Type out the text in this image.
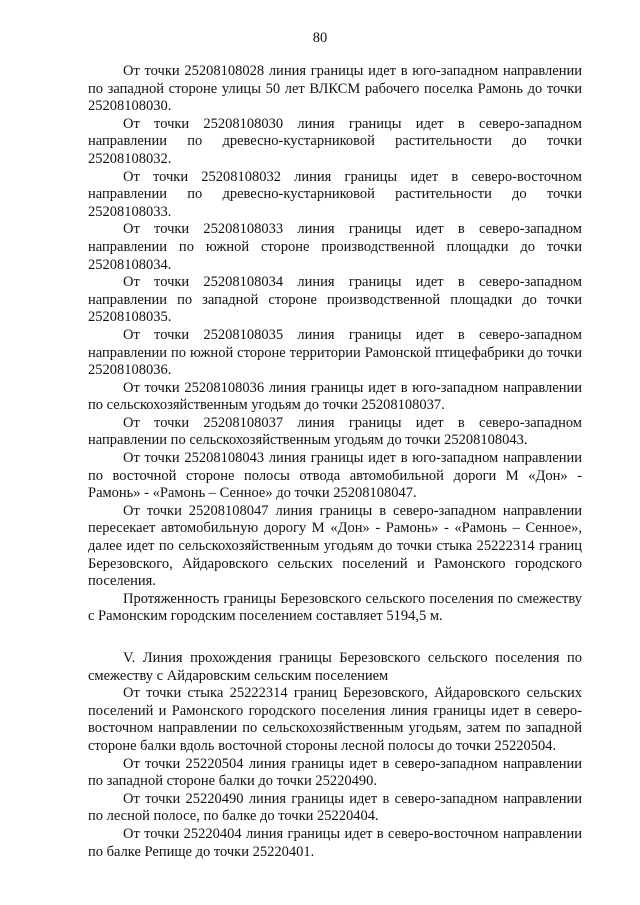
80

От точки 25208108028 линия границы идет в юго-западном направлении по западной стороне улицы 50 лет ВЛКСМ рабочего поселка Рамонь до точки 25208108030.

От точки 25208108030 линия границы идет в северо-западном направлении по древесно-кустарниковой растительности до точки 25208108032.

От точки 25208108032 линия границы идет в северо-восточном направлении по древесно-кустарниковой растительности до точки 25208108033.

От точки 25208108033 линия границы идет в северо-западном направлении по южной стороне производственной площадки до точки 25208108034.

От точки 25208108034 линия границы идет в северо-западном направлении по западной стороне производственной площадки до точки 25208108035.

От точки 25208108035 линия границы идет в северо-западном направлении по южной стороне территории Рамонской птицефабрики до точки 25208108036.

От точки 25208108036 линия границы идет в юго-западном направлении по сельскохозяйственным угодьям до точки 25208108037.

От точки 25208108037 линия границы идет в северо-западном направлении по сельскохозяйственным угодьям до точки 25208108043.

От точки 25208108043 линия границы идет в юго-западном направлении по восточной стороне полосы отвода автомобильной дороги М «Дон» - Рамонь» - «Рамонь – Сенное» до точки 25208108047.

От точки 25208108047 линия границы в северо-западном направлении пересекает автомобильную дорогу М «Дон» - Рамонь» - «Рамонь – Сенное», далее идет по сельскохозяйственным угодьям до точки стыка 25222314 границ Березовского, Айдаровского сельских поселений и Рамонского городского поселения.

Протяженность границы Березовского сельского поселения по смежеству с Рамонским городским поселением составляет 5194,5 м.

V. Линия прохождения границы Березовского сельского поселения по смежеству с Айдаровским сельским поселением

От точки стыка 25222314 границ Березовского, Айдаровского сельских поселений и Рамонского городского поселения линия границы идет в северо-восточном направлении по сельскохозяйственным угодьям, затем по западной стороне балки вдоль восточной стороны лесной полосы до точки 25220504.

От точки 25220504 линия границы идет в северо-западном направлении по западной стороне балки до точки 25220490.

От точки 25220490 линия границы идет в северо-западном направлении по лесной полосе, по балке до точки 25220404.

От точки 25220404 линия границы идет в северо-восточном направлении по балке Репище до точки 25220401.
